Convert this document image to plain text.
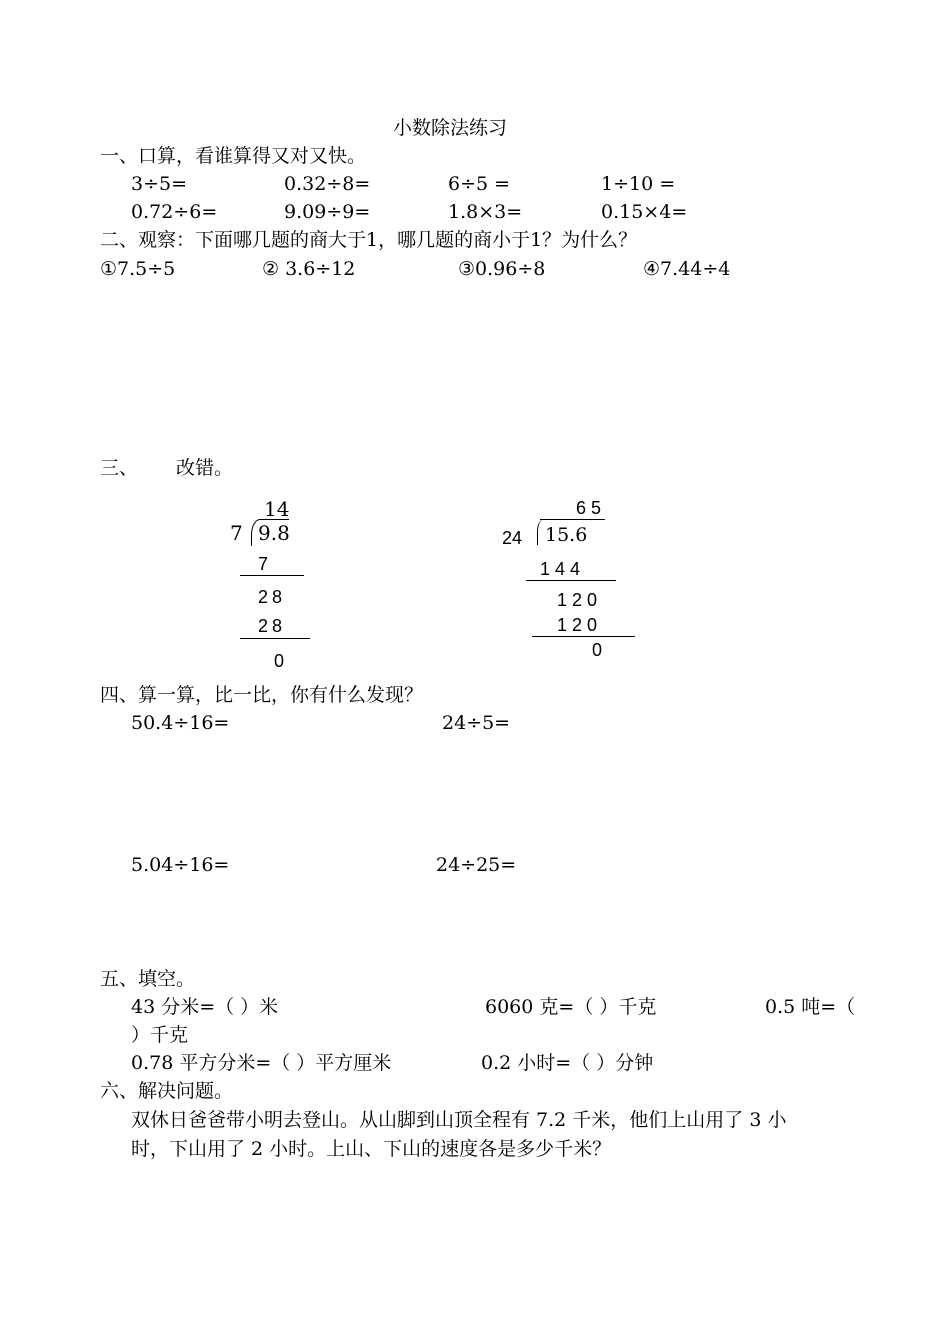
小数除法练习
一、口算，看谁算得又对又快。
3÷5=	0.32÷8=	6÷5 =	1÷10 =
0.72÷6=	9.09÷9=	1.8×3=	0.15×4=
二、观察：下面哪几题的商大于1，哪几题的商小于1？为什么？
①7.5÷5	② 3.6÷12	③0.96÷8	④7.44÷4
三、 改错。
14
7 9.8
7
28
28
0
6 5
24 15.6
1 4 4
1 2 0
1 2 0
0
四、算一算，比一比，你有什么发现？
50.4÷16=	24÷5=
5.04÷16=	24÷25=
五、填空。
43 分米=（ ）米	6060 克=（ ）千克	0.5 吨=（
）千克
0.78 平方分米=（ ）平方厘米	0.2 小时=（ ）分钟
六、解决问题。
双休日爸爸带小明去登山。从山脚到山顶全程有 7.2 千米，他们上山用了 3 小
时，下山用了 2 小时。上山、下山的速度各是多少千米？
